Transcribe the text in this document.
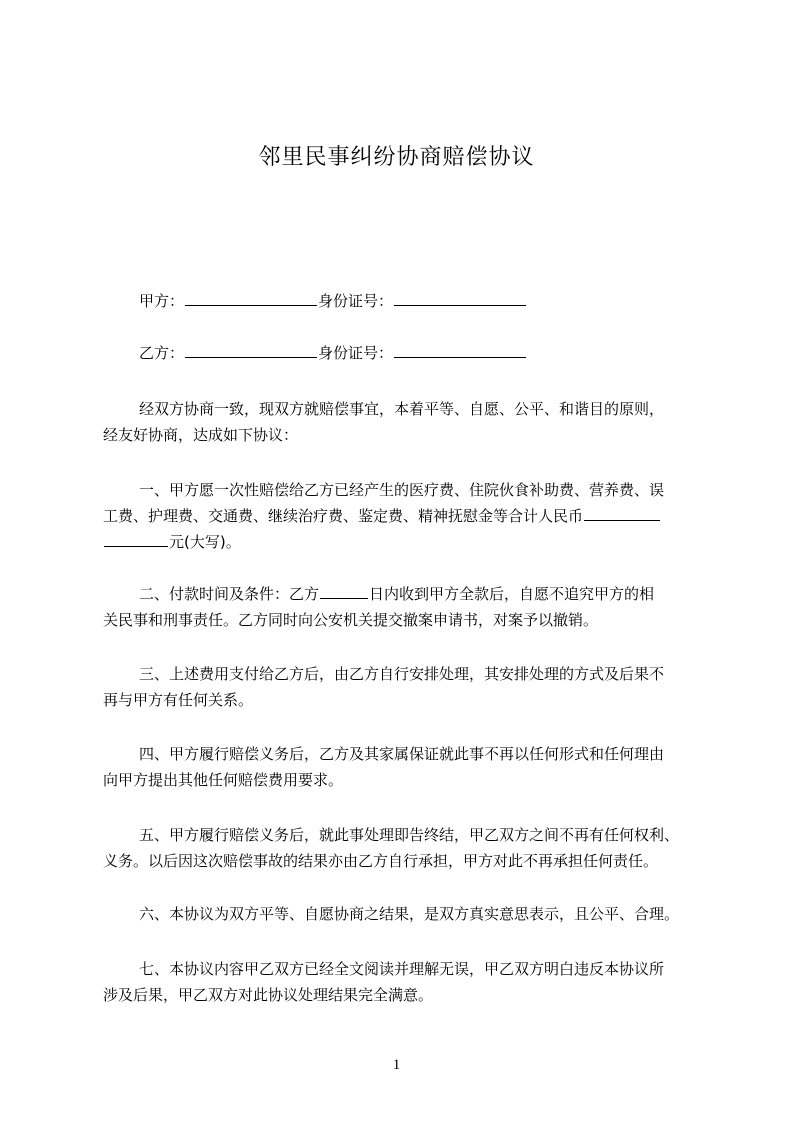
邻里民事纠纷协商赔偿协议
甲方：	身份证号：
乙方：	身份证号：
经双方协商一致，现双方就赔偿事宜，本着平等、自愿、公平、和谐目的原则，
经友好协商，达成如下协议：
一、甲方愿一次性赔偿给乙方已经产生的医疗费、住院伙食补助费、营养费、误
工费、护理费、交通费、继续治疗费、鉴定费、精神抚慰金等合计人民币
元(大写)。
二、付款时间及条件：乙方	日内收到甲方全款后，自愿不追究甲方的相
关民事和刑事责任。乙方同时向公安机关提交撤案申请书，对案予以撤销。
三、上述费用支付给乙方后，由乙方自行安排处理，其安排处理的方式及后果不
再与甲方有任何关系。
四、甲方履行赔偿义务后，乙方及其家属保证就此事不再以任何形式和任何理由
向甲方提出其他任何赔偿费用要求。
五、甲方履行赔偿义务后，就此事处理即告终结，甲乙双方之间不再有任何权利、
义务。以后因这次赔偿事故的结果亦由乙方自行承担，甲方对此不再承担任何责任。
六、本协议为双方平等、自愿协商之结果，是双方真实意思表示，且公平、合理。
七、本协议内容甲乙双方已经全文阅读并理解无误，甲乙双方明白违反本协议所
涉及后果，甲乙双方对此协议处理结果完全满意。
1
